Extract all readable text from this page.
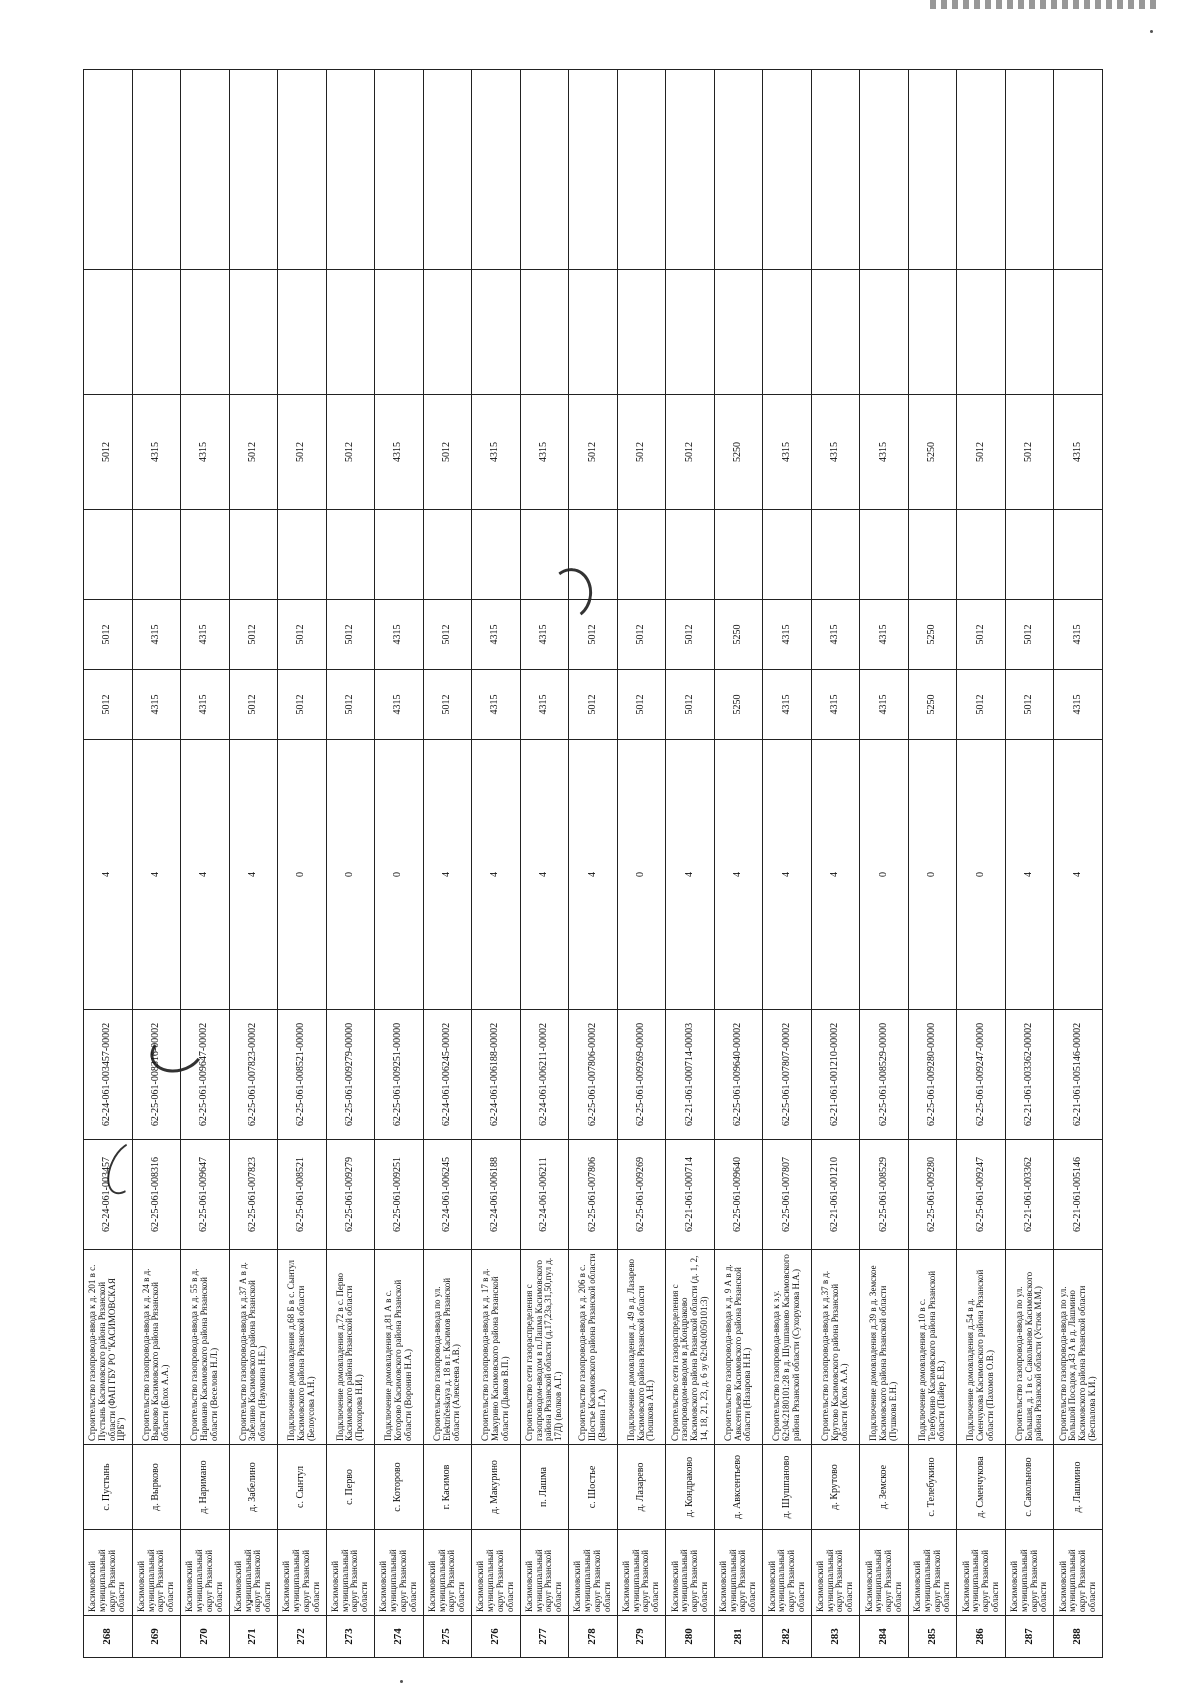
268	Касимовский муниципальный округ Рязанской области	с. Пустынь	Строительство газопровода-ввода к д. 201 в с. Пустынь Касимовского района Рязанской области (ФАП ГБУ РО "КАСИМОВСКАЯ ЦРБ")	62-24-061-003457	62-24-061-003457-00002	4	5012	5012		5012		
269	Касимовский муниципальный округ Рязанской области	д. Вырково	Строительство газопровода-ввода к д. 24 в д. Вырково Касимовского района Рязанской области (Блох А.А.)	62-25-061-008316	62-25-061-008316-00002	4	4315	4315		4315		
270	Касимовский муниципальный округ Рязанской области	д. Наримано	Строительство газопровода-ввода к д. 55 в д. Наримано Касимовского района Рязанской области (Веселова Н.Л.)	62-25-061-009647	62-25-061-009647-00002	4	4315	4315		4315		
271	Касимовский муниципальный округ Рязанской области	д. Забелино	Строительство газопровода-ввода к д.37 А в д. Забелино Касимовского района Рязанской области (Наумкина Н.Е.)	62-25-061-007823	62-25-061-007823-00002	4	5012	5012		5012		
272	Касимовский муниципальный округ Рязанской области	с. Сынтул	Подключение домовладения д.68 Б в с. Сынтул Касимовского района Рязанской области (Белоусова А.Н.)	62-25-061-008521	62-25-061-008521-00000	0	5012	5012		5012		
273	Касимовский муниципальный округ Рязанской области	с. Перво	Подключение домовладения д.72 в с. Перво Касимовского района Рязанской области (Прохорова Н.И.)	62-25-061-009279	62-25-061-009279-00000	0	5012	5012		5012		
274	Касимовский муниципальный округ Рязанской области	с. Которово	Подключение домовладения д.81 А в с. Которово Касимовского района Рязанской области (Воронин Н.А.)	62-25-061-009251	62-25-061-009251-00000	0	4315	4315		4315		
275	Касимовский муниципальный округ Рязанской области	г. Касимов	Строительство газопровода-ввода по ул. Električeskaya д. 18 в г. Касимов Рязанской области (Алексеева А.В.)	62-24-061-006245	62-24-061-006245-00002	4	5012	5012		5012		
276	Касимовский муниципальный округ Рязанской области	д. Макурино	Строительство газопровода-ввода к д. 17 в д. Макурино Касимовского района Рязанской области (Дьяков В.П.)	62-24-061-006188	62-24-061-006188-00002	4	4315	4315		4315		
277	Касимовский муниципальный округ Рязанской области	п. Лашма	Строительство сети газораспределения с газопроводом-вводом в п.Лашма Касимовского района Рязанской области (д.17,23а,31,50,пул д. 17Д) (волков А.Г.)	62-24-061-006211	62-24-061-006211-00002	4	4315	4315		4315		
278	Касимовский муниципальный округ Рязанской области	с. Шостье	Строительство газопровода-ввода к д. 206 в с. Шостье Касимовского района Рязанской области (Ванина Г.А.)	62-25-061-007806	62-25-061-007806-00002	4	5012	5012		5012		
279	Касимовский муниципальный округ Рязанской области	д. Лазарево	Подключение домовладения д. 49 в д. Лазарево Касимовского района Рязанской области (Тюшкова А.Н.)	62-25-061-009269	62-25-061-009269-00000	0	5012	5012		5012		
280	Касимовский муниципальный округ Рязанской области	д. Кондраково	Строительство сети газораспределения с газопроводом-вводом в д.Кондраково Касимовского района Рязанской области (д. 1, 2, 14, 18, 21, 23, д. 6 зу 62:04:0050101:3)	62-21-061-000714	62-21-061-000714-00003	4	5012	5012		5012		
281	Касимовский муниципальный округ Рязанской области	д. Авксентьево	Строительство газопровода-ввода к д. 9 А в д. Авксентьево Касимовского района Рязанской области (Назарова Н.Н.)	62-25-061-009640	62-25-061-009640-00002	4	5250	5250		5250		
282	Касимовский муниципальный округ Рязанской области	д. Шушпаново	Строительство газопровода-ввода к з.у. 62:04:2180101:28 в д. Шушпаново Касимовского района Рязанской области (Сухорукова Н.А.)	62-25-061-007807	62-25-061-007807-00002	4	4315	4315		4315		
283	Касимовский муниципальный округ Рязанской области	д. Крутово	Строительство газопровода-ввода к д.37 в д. Крутово Касимовского района Рязанской области (Клок А.А.)	62-21-061-001210	62-21-061-001210-00002	4	4315	4315		4315		
284	Касимовский муниципальный округ Рязанской области	д. Земское	Подключение домовладения д.39 в д. Земское Касимовского района Рязанской области (Пушкова Е.Н.)	62-25-061-008529	62-25-061-008529-00000	0	4315	4315		4315		
285	Касимовский муниципальный округ Рязанской области	с. Телебукино	Подключение домовладения д.10 в с. Телебукино Касимовского района Рязанской области (Пайер Е.В.)	62-25-061-009280	62-25-061-009280-00000	0	5250	5250		5250		
286	Касимовский муниципальный округ Рязанской области	д. Сменчукова	Подключение домовладения д.54 в д. Сменчукова Касимовского района Рязанской области (Пахомов О.В.)	62-25-061-009247	62-25-061-009247-00000	0	5012	5012		5012		
287	Касимовский муниципальный округ Рязанской области	с. Сакольново	Строительство газопровода-ввода по ул. Большая, д. 1 в с. Сакольново Касимовского района Рязанской области (Устюк М.М.)	62-21-061-003362	62-21-061-003362-00002	4	5012	5012		5012		
288	Касимовский муниципальный округ Рязанской области	д. Лашмино	Строительство газопровода-ввода по ул. Большой Посадок д.43 А в д. Лашмино Касимовского района Рязанской области (Беспалова К.И.)	62-21-061-005146	62-21-061-005146-00002	4	4315	4315		4315		
